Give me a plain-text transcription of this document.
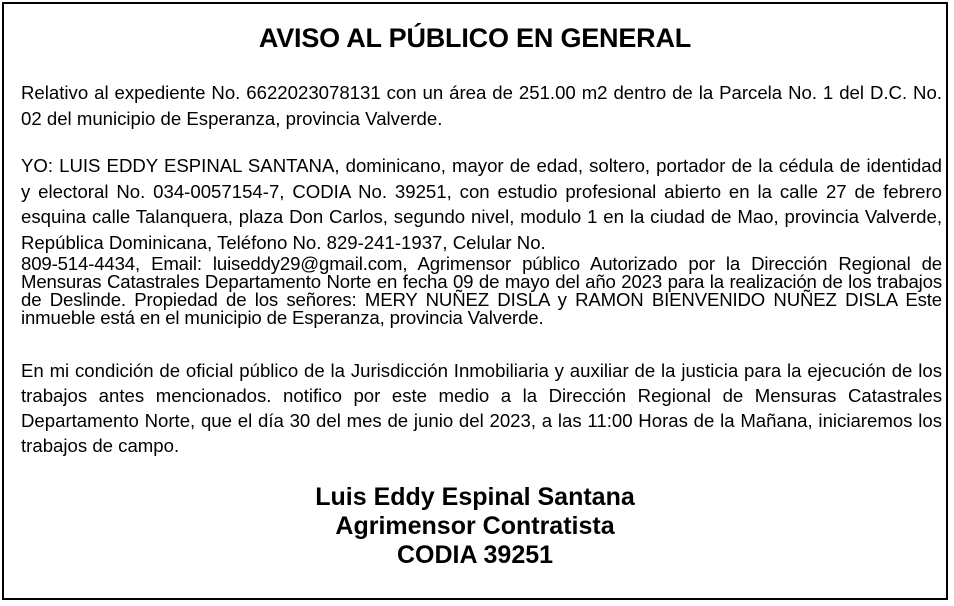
AVISO AL PÚBLICO EN GENERAL

Relativo al expediente No. 6622023078131 con un área de 251.00 m2 dentro de la Parcela No. 1 del D.C. No. 02 del municipio de Esperanza, provincia Valverde.

YO: LUIS EDDY ESPINAL SANTANA, dominicano, mayor de edad, soltero, portador de la cédula de identidad y electoral No. 034-0057154-7, CODIA No. 39251, con estudio profesional abierto en la calle 27 de febrero esquina calle Talanquera, plaza Don Carlos, segundo nivel, modulo 1 en la ciudad de Mao, provincia Valverde, República Dominicana, Teléfono No. 829-241-1937, Celular No.

809-514-4434, Email: luiseddy29@gmail.com, Agrimensor público Autorizado por la Dirección Regional de Mensuras Catastrales Departamento Norte en fecha 09 de mayo del año 2023 para la realización de los trabajos de Deslinde. Propiedad de los señores: MERY NUÑEZ DISLA y RAMON BIENVENIDO NUÑEZ DISLA Este inmueble está en el municipio de Esperanza, provincia Valverde.

En mi condición de oficial público de la Jurisdicción Inmobiliaria y auxiliar de la justicia para la ejecución de los trabajos antes mencionados. notifico por este medio a la Dirección Regional de Mensuras Catastrales Departamento Norte, que el día 30 del mes de junio del 2023, a las 11:00 Horas de la Mañana, iniciaremos los trabajos de campo.

Luis Eddy Espinal Santana
Agrimensor Contratista
CODIA 39251
